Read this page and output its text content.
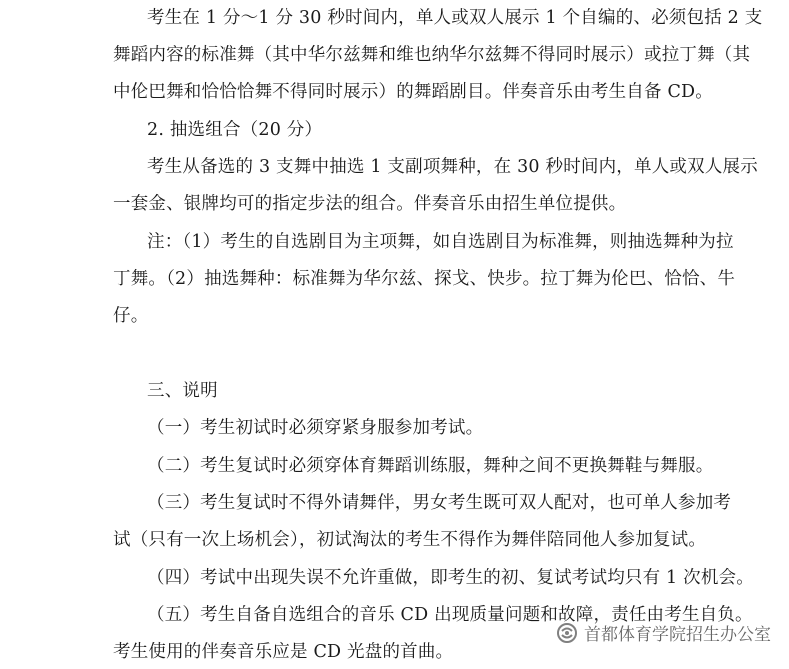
考生在 1 分～1 分 30 秒时间内，单人或双人展示 1 个自编的、必须包括 2 支
舞蹈内容的标准舞（其中华尔兹舞和维也纳华尔兹舞不得同时展示）或拉丁舞（其
中伦巴舞和恰恰恰舞不得同时展示）的舞蹈剧目。伴奏音乐由考生自备 CD。
2. 抽选组合（20 分）
考生从备选的 3 支舞中抽选 1 支副项舞种，在 30 秒时间内，单人或双人展示
一套金、银牌均可的指定步法的组合。伴奏音乐由招生单位提供。
注：（1）考生的自选剧目为主项舞，如自选剧目为标准舞，则抽选舞种为拉
丁舞。（2）抽选舞种：标准舞为华尔兹、探戈、快步。拉丁舞为伦巴、恰恰、牛
仔。
三、说明
（一）考生初试时必须穿紧身服参加考试。
（二）考生复试时必须穿体育舞蹈训练服，舞种之间不更换舞鞋与舞服。
（三）考生复试时不得外请舞伴，男女考生既可双人配对，也可单人参加考
试（只有一次上场机会），初试淘汰的考生不得作为舞伴陪同他人参加复试。
（四）考试中出现失误不允许重做，即考生的初、复试考试均只有 1 次机会。
（五）考生自备自选组合的音乐 CD 出现质量问题和故障，责任由考生自负。
考生使用的伴奏音乐应是 CD 光盘的首曲。
首都体育学院招生办公室
